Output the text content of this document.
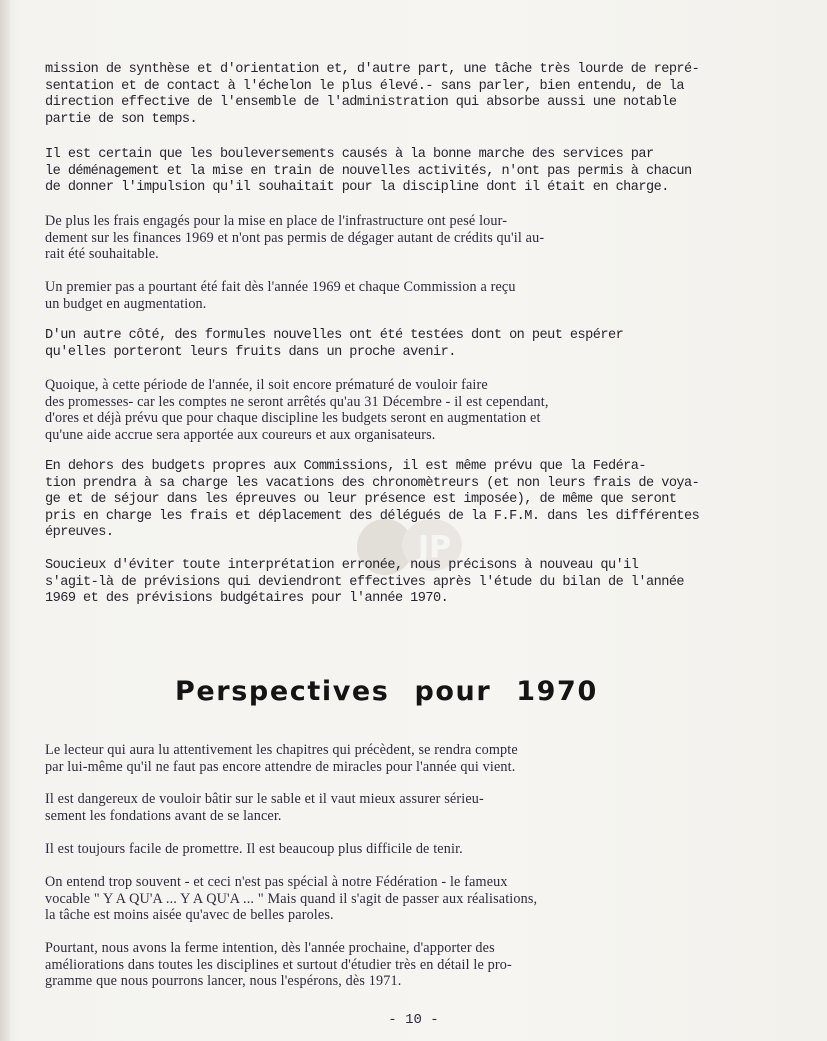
JP

mission de synthèse et d'orientation et, d'autre part, une tâche très lourde de repré-
sentation et de contact à l'échelon le plus élevé.- sans parler, bien entendu, de la
direction effective de l'ensemble de l'administration qui absorbe aussi une notable
partie de son temps.

Il est certain que les bouleversements causés à la bonne marche des services par
le déménagement et la mise en train de nouvelles activités, n'ont pas permis à chacun
de donner l'impulsion qu'il souhaitait pour la discipline dont il était en charge.

De plus les frais engagés pour la mise en place de l'infrastructure ont pesé lour-
dement sur les finances 1969 et n'ont pas permis de dégager autant de crédits qu'il au-
rait été souhaitable.

Un premier pas a pourtant été fait dès l'année 1969 et chaque Commission a reçu
un budget en augmentation.

D'un autre côté, des formules nouvelles ont été testées dont on peut espérer
qu'elles porteront leurs fruits dans un proche avenir.

Quoique, à cette période de l'année, il soit encore prématuré de vouloir faire
des promesses- car les comptes ne seront arrêtés qu'au 31 Décembre - il est cependant,
d'ores et déjà prévu que pour chaque discipline les budgets seront en augmentation et
qu'une aide accrue sera apportée aux coureurs et aux organisateurs.

En dehors des budgets propres aux Commissions, il est même prévu que la Fedéra-
tion prendra à sa charge les vacations des chronomètreurs (et non leurs frais de voya-
ge et de séjour dans les épreuves ou leur présence est imposée), de même que seront
pris en charge les frais et déplacement des délégués de la F.F.M. dans les différentes
épreuves.

Soucieux d'éviter toute interprétation erronée, nous précisons à nouveau qu'il
s'agit-là de prévisions qui deviendront effectives après l'étude du bilan de l'année
1969 et des prévisions budgétaires pour l'année 1970.

Perspectives pour 1970

Le lecteur qui aura lu attentivement les chapitres qui précèdent, se rendra compte
par lui-même qu'il ne faut pas encore attendre de miracles pour l'année qui vient.

Il est dangereux de vouloir bâtir sur le sable et il vaut mieux assurer sérieu-
sement les fondations avant de se lancer.

Il est toujours facile de promettre. Il est beaucoup plus difficile de tenir.

On entend trop souvent - et ceci n'est pas spécial à notre Fédération - le fameux
vocable " Y A QU'A ... Y A QU'A ... " Mais quand il s'agit de passer aux réalisations,
la tâche est moins aisée qu'avec de belles paroles.

Pourtant, nous avons la ferme intention, dès l'année prochaine, d'apporter des
améliorations dans toutes les disciplines et surtout d'étudier très en détail le pro-
gramme que nous pourrons lancer, nous l'espérons, dès 1971.

- 10 -
